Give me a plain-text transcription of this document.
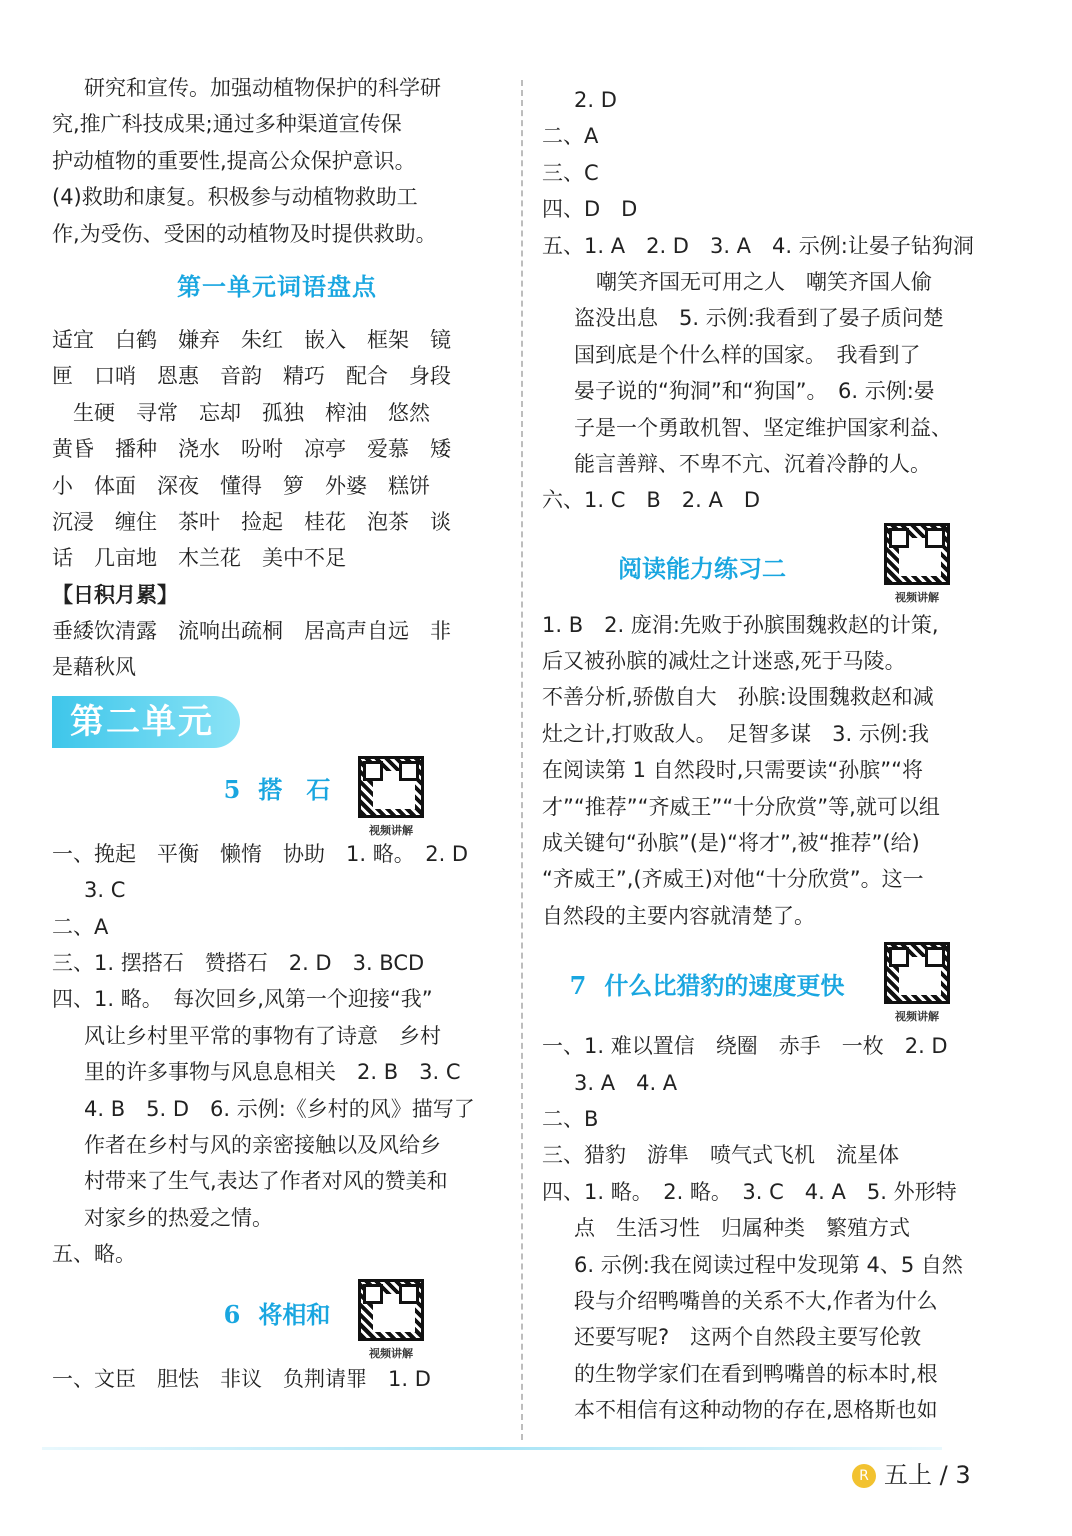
研究和宣传。加强动植物保护的科学研
究,推广科技成果;通过多种渠道宣传保
护动植物的重要性,提高公众保护意识。
(4)救助和康复。积极参与动植物救助工
作,为受伤、受困的动植物及时提供救助。
第一单元词语盘点
适宜　白鹤　嫌弃　朱红　嵌入　框架　镜
匣　口哨　恩惠　音韵　精巧　配合　身段
　生硬　寻常　忘却　孤独　榨油　悠然
黄昏　播种　浇水　吩咐　凉亭　爱慕　矮
小　体面　深夜　懂得　箩　外婆　糕饼
沉浸　缠住　茶叶　捡起　桂花　泡茶　谈
话　几亩地　木兰花　美中不足
【日积月累】
垂緌饮清露　流响出疏桐　居高声自远　非
是藉秋风
第二单元
5 搭　石
视频讲解
一、挽起　平衡　懒惰　协助　1. 略。　2. D
3. C
二、A
三、1. 摆搭石　赞搭石　2. D　3. BCD
四、1. 略。　每次回乡,风第一个迎接“我”
风让乡村里平常的事物有了诗意　乡村
里的许多事物与风息息相关　2. B　3. C
4. B　5. D　6. 示例:《乡村的风》描写了
作者在乡村与风的亲密接触以及风给乡
村带来了生气,表达了作者对风的赞美和
对家乡的热爱之情。
五、略。
6 将相和
视频讲解
一、文臣　胆怯　非议　负荆请罪　1. D
2. D
二、A
三、C
四、D　D
五、1. A　2. D　3. A　4. 示例:让晏子钻狗洞
嘲笑齐国无可用之人　嘲笑齐国人偷
盗没出息　5. 示例:我看到了晏子质问楚
国到底是个什么样的国家。　我看到了
晏子说的“狗洞”和“狗国”。　6. 示例:晏
子是一个勇敢机智、坚定维护国家利益、
能言善辩、不卑不亢、沉着冷静的人。
六、1. C　B　2. A　D
阅读能力练习二
视频讲解
1. B　2. 庞涓:先败于孙膑围魏救赵的计策,
后又被孙膑的减灶之计迷惑,死于马陵。
不善分析,骄傲自大　孙膑:设围魏救赵和减
灶之计,打败敌人。　足智多谋　3. 示例:我
在阅读第 1 自然段时,只需要读“孙膑”“将
才”“推荐”“齐威王”“十分欣赏”等,就可以组
成关键句“孙膑”(是)“将才”,被“推荐”(给)
“齐威王”,(齐威王)对他“十分欣赏”。这一
自然段的主要内容就清楚了。
7 什么比猎豹的速度更快
视频讲解
一、1. 难以置信　绕圈　赤手　一枚　2. D
3. A　4. A
二、B
三、猎豹　游隼　喷气式飞机　流星体
四、1. 略。　2. 略。　3. C　4. A　5. 外形特
点　生活习性　归属种类　繁殖方式
6. 示例:我在阅读过程中发现第 4、5 自然
段与介绍鸭嘴兽的关系不大,作者为什么
还要写呢?　这两个自然段主要写伦敦
的生物学家们在看到鸭嘴兽的标本时,根
本不相信有这种动物的存在,恩格斯也如
R 五上 / 3
